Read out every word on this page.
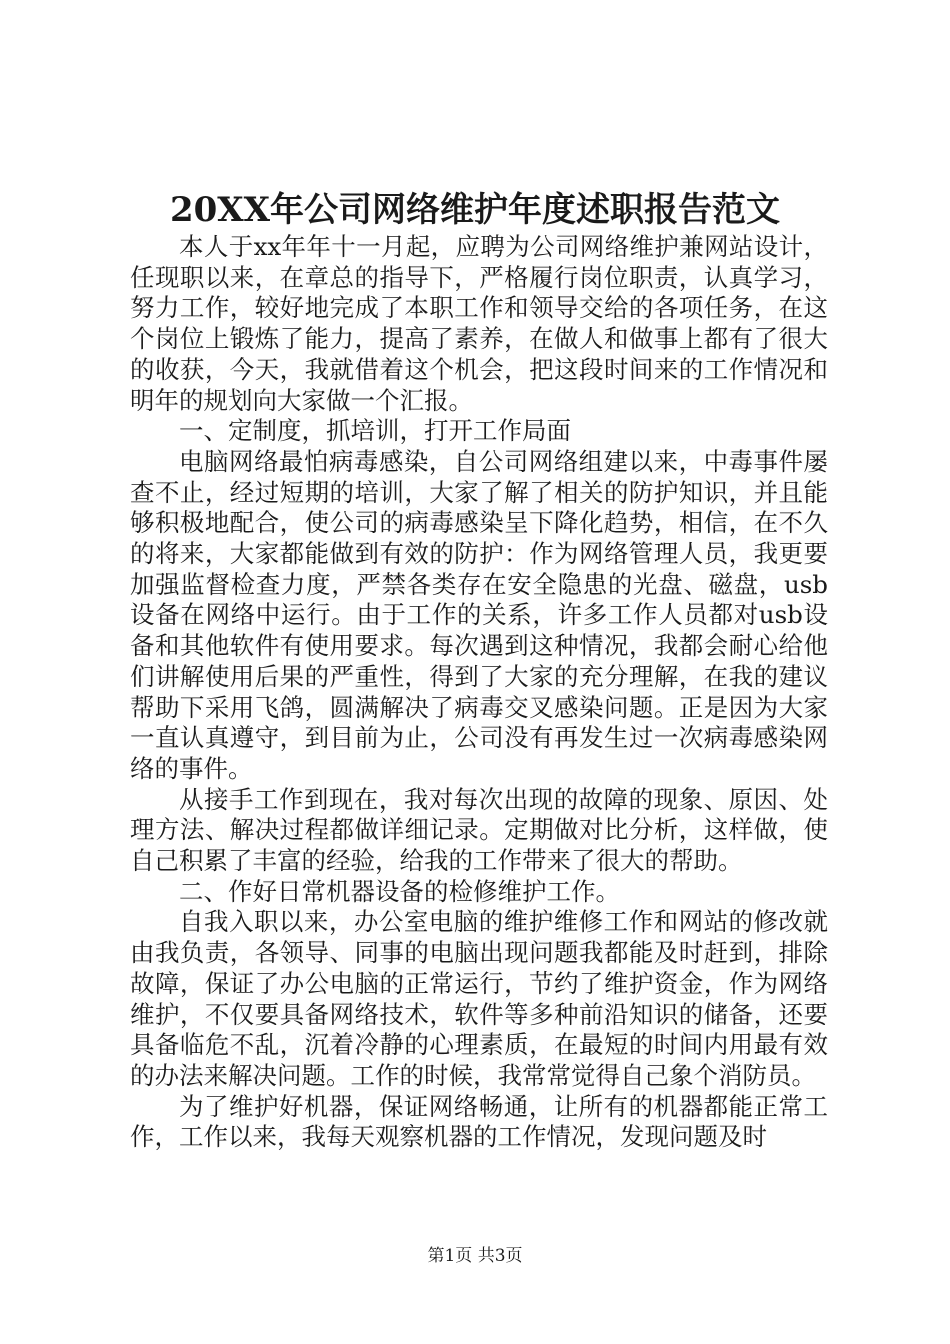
20XX年公司网络维护年度述职报告范文

本人于xx年年十一月起，应聘为公司网络维护兼网站设计，任现职以来，在章总的指导下，严格履行岗位职责，认真学习，努力工作，较好地完成了本职工作和领导交给的各项任务，在这个岗位上锻炼了能力，提高了素养，在做人和做事上都有了很大的收获，今天，我就借着这个机会，把这段时间来的工作情况和明年的规划向大家做一个汇报。

一、定制度，抓培训，打开工作局面

电脑网络最怕病毒感染，自公司网络组建以来，中毒事件屡查不止，经过短期的培训，大家了解了相关的防护知识，并且能够积极地配合，使公司的病毒感染呈下降化趋势，相信，在不久的将来，大家都能做到有效的防护：作为网络管理人员，我更要加强监督检查力度，严禁各类存在安全隐患的光盘、磁盘，usb设备在网络中运行。由于工作的关系，许多工作人员都对usb设备和其他软件有使用要求。每次遇到这种情况，我都会耐心给他们讲解使用后果的严重性，得到了大家的充分理解，在我的建议帮助下采用飞鸽，圆满解决了病毒交叉感染问题。正是因为大家一直认真遵守，到目前为止，公司没有再发生过一次病毒感染网络的事件。

从接手工作到现在，我对每次出现的故障的现象、原因、处理方法、解决过程都做详细记录。定期做对比分析，这样做，使自己积累了丰富的经验，给我的工作带来了很大的帮助。

二、作好日常机器设备的检修维护工作。

自我入职以来，办公室电脑的维护维修工作和网站的修改就由我负责，各领导、同事的电脑出现问题我都能及时赶到，排除故障，保证了办公电脑的正常运行，节约了维护资金，作为网络维护，不仅要具备网络技术，软件等多种前沿知识的储备，还要具备临危不乱，沉着冷静的心理素质，在最短的时间内用最有效的办法来解决问题。工作的时候，我常常觉得自己象个消防员。

为了维护好机器，保证网络畅通，让所有的机器都能正常工作，工作以来，我每天观察机器的工作情况，发现问题及时

第1页 共3页
